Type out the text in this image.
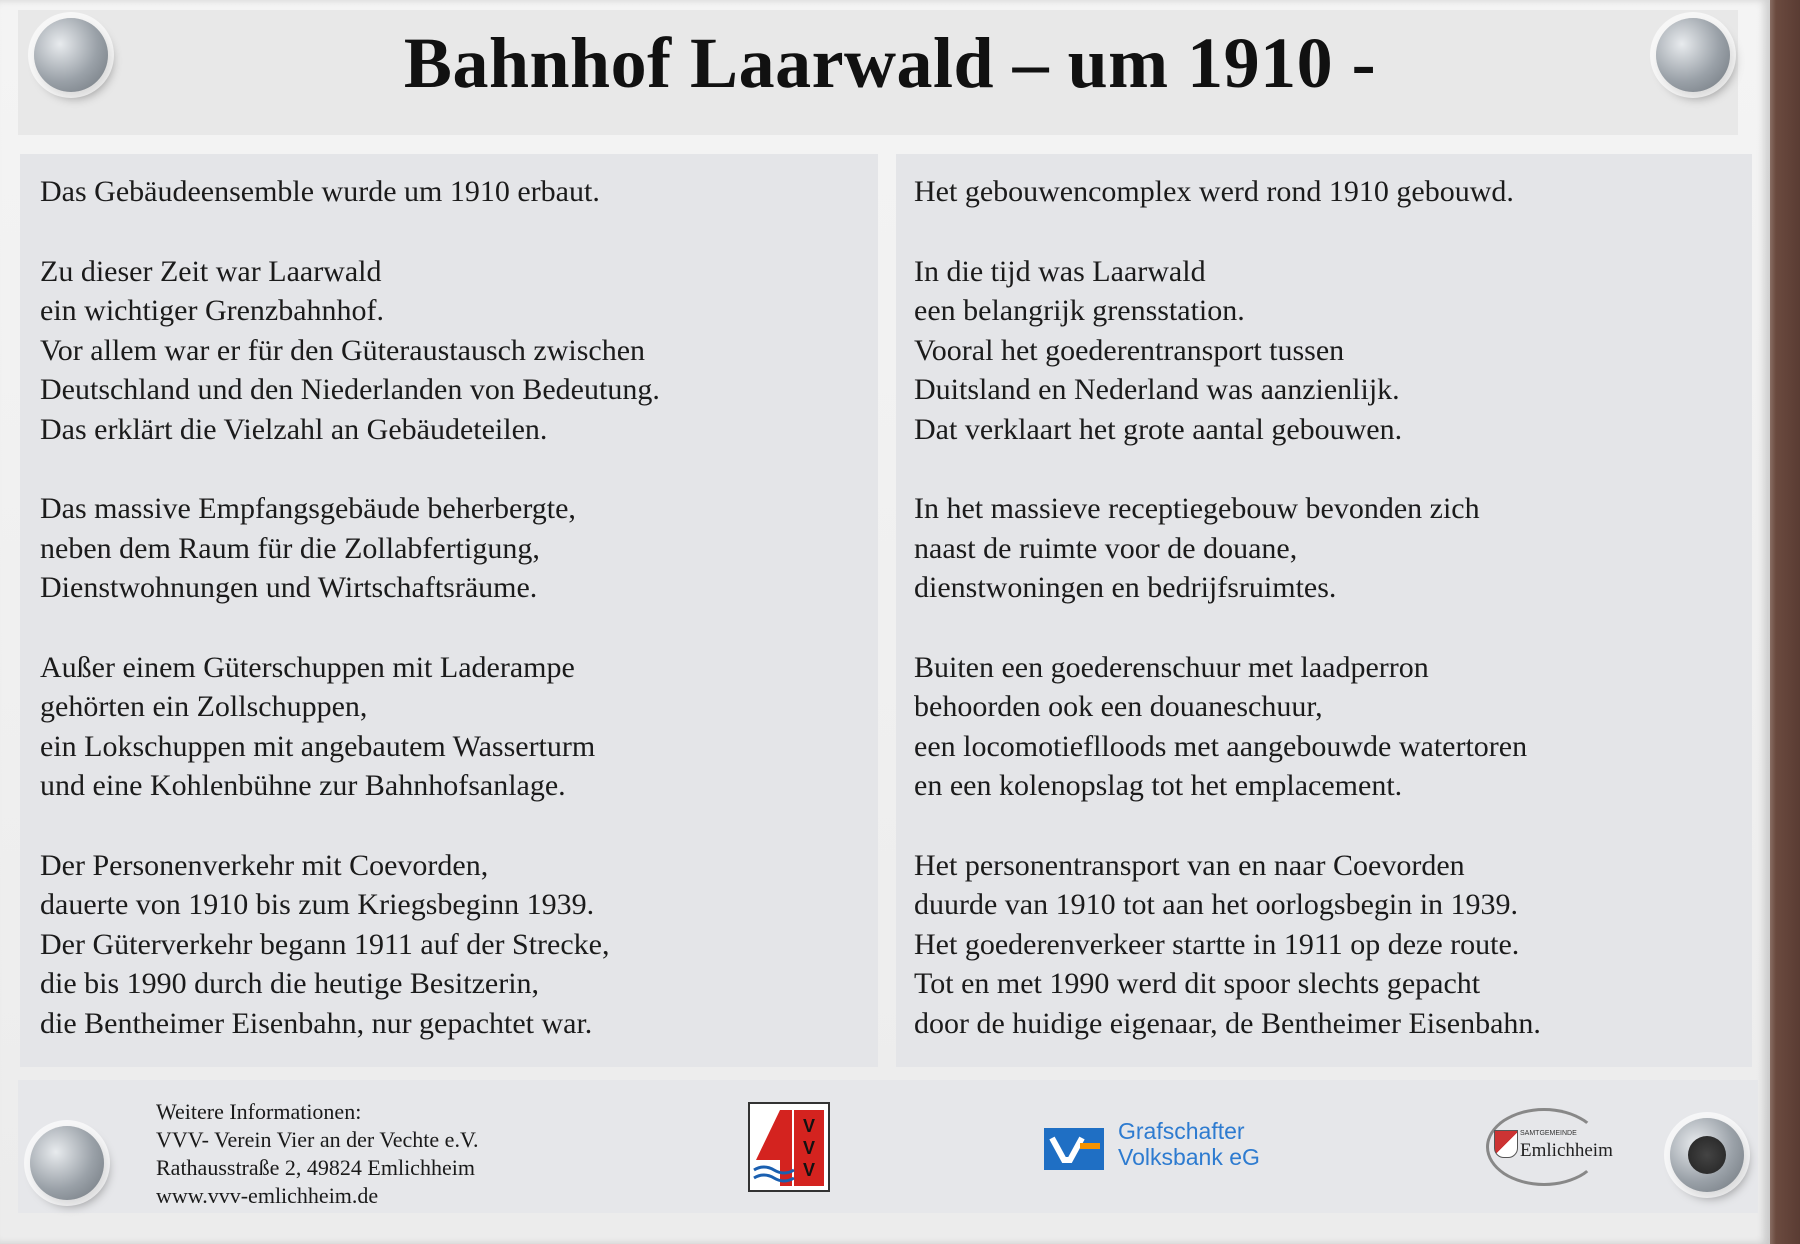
Bahnhof Laarwald – um 1910 -
Das Gebäudeensemble wurde um 1910 erbaut.
Zu dieser Zeit war Laarwald
ein wichtiger Grenzbahnhof.
Vor allem war er für den Güteraustausch zwischen
Deutschland und den Niederlanden von Bedeutung.
Das erklärt die Vielzahl an Gebäudeteilen.
Das massive Empfangsgebäude beherbergte,
neben dem Raum für die Zollabfertigung,
Dienstwohnungen und Wirtschaftsräume.
Außer einem Güterschuppen mit Laderampe
gehörten ein Zollschuppen,
ein Lokschuppen mit angebautem Wasserturm
und eine Kohlenbühne zur Bahnhofsanlage.
Der Personenverkehr mit Coevorden,
dauerte von 1910 bis zum Kriegsbeginn 1939.
Der Güterverkehr begann 1911 auf der Strecke,
die bis 1990 durch die heutige Besitzerin,
die Bentheimer Eisenbahn, nur gepachtet war.
Het gebouwencomplex werd rond 1910 gebouwd.
In die tijd was Laarwald
een belangrijk grensstation.
Vooral het goederentransport tussen
Duitsland en Nederland was aanzienlijk.
Dat verklaart het grote aantal gebouwen.
In het massieve receptiegebouw bevonden zich
naast de ruimte voor de douane,
dienstwoningen en bedrijfsruimtes.
Buiten een goederenschuur met laadperron
behoorden ook een douaneschuur,
een locomotieflloods met aangebouwde watertoren
en een kolenopslag tot het emplacement.
Het personentransport van en naar Coevorden
duurde van 1910 tot aan het oorlogsbegin in 1939.
Het goederenverkeer startte in 1911 op deze route.
Tot en met 1990 werd dit spoor slechts gepacht
door de huidige eigenaar, de Bentheimer Eisenbahn.
Weitere Informationen:
VVV- Verein Vier an der Vechte e.V.
Rathausstraße 2, 49824 Emlichheim
www.vvv-emlichheim.de
V
V
V
Grafschafter
Volksbank eG
SAMTGEMEINDE
Emlichheim
